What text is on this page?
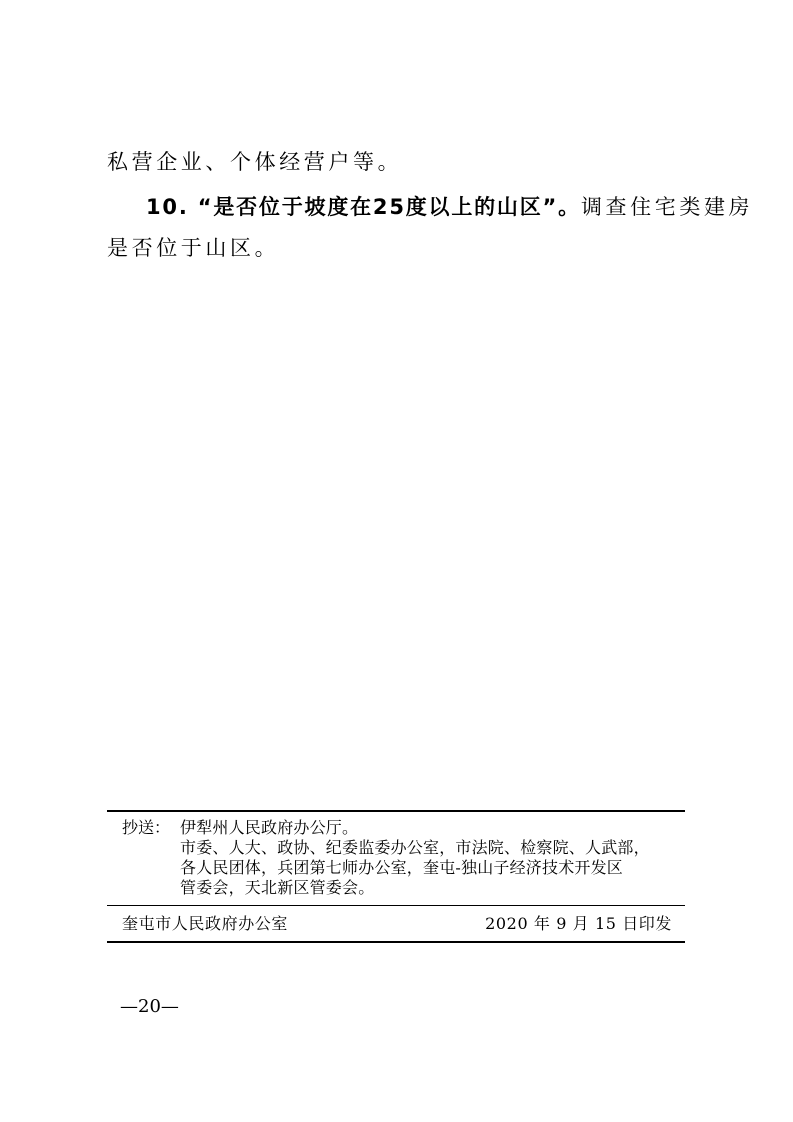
私营企业、个体经营户等。
10. “是否位于坡度在25度以上的山区”。调查住宅类建房
是否位于山区。
抄送： 伊犁州人民政府办公厅。
市委、人大、政协、纪委监委办公室，市法院、检察院、人武部，
各人民团体，兵团第七师办公室，奎屯-独山子经济技术开发区
管委会，天北新区管委会。
奎屯市人民政府办公室	2020 年 9 月 15 日印发
—20—
